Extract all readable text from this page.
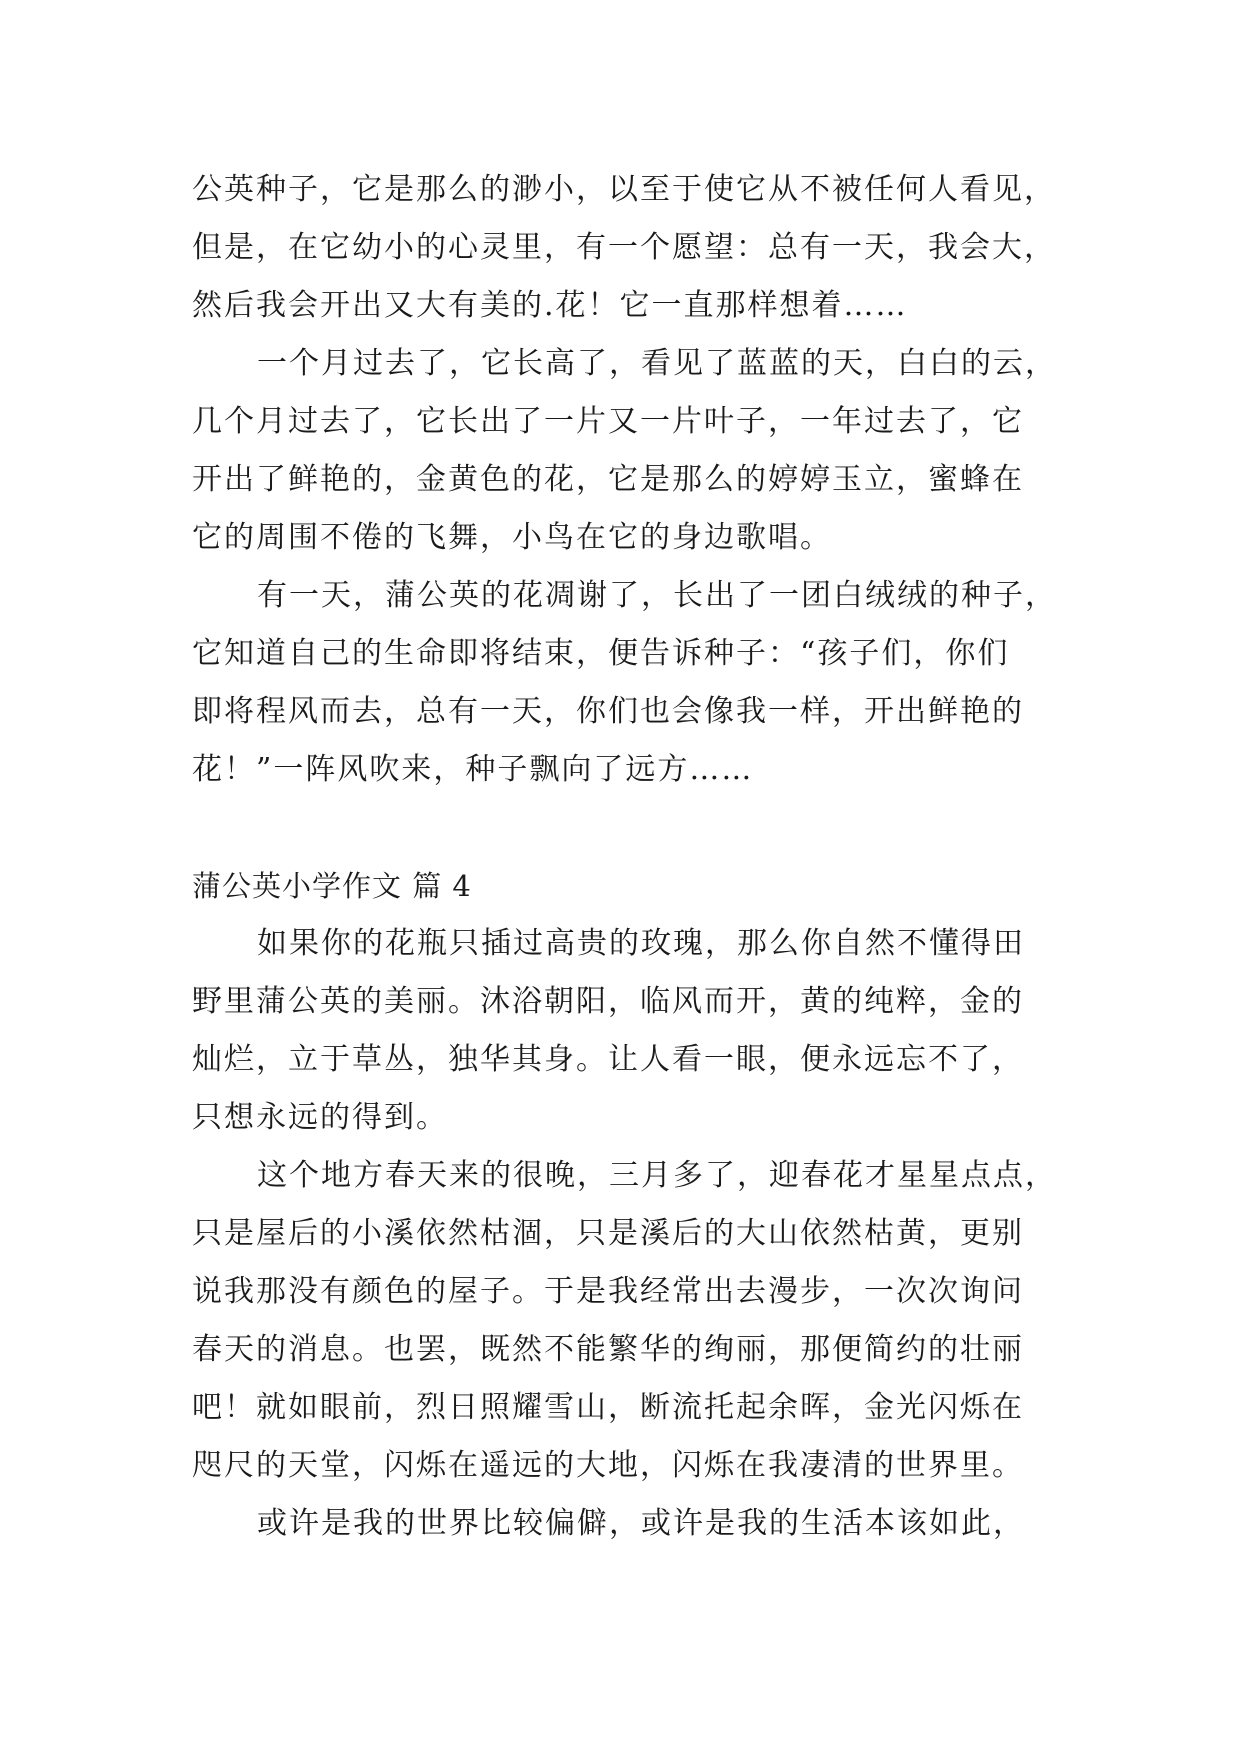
公英种子，它是那么的渺小，以至于使它从不被任何人看见，
但是，在它幼小的心灵里，有一个愿望：总有一天，我会大，
然后我会开出又大有美的.花！它一直那样想着……
一个月过去了，它长高了，看见了蓝蓝的天，白白的云，
几个月过去了，它长出了一片又一片叶子，一年过去了，它
开出了鲜艳的，金黄色的花，它是那么的婷婷玉立，蜜蜂在
它的周围不倦的飞舞，小鸟在它的身边歌唱。
有一天，蒲公英的花凋谢了，长出了一团白绒绒的种子，
它知道自己的生命即将结束，便告诉种子：“孩子们，你们
即将程风而去，总有一天，你们也会像我一样，开出鲜艳的
花！”一阵风吹来，种子飘向了远方……
蒲公英小学作文 篇 4
如果你的花瓶只插过高贵的玫瑰，那么你自然不懂得田
野里蒲公英的美丽。沐浴朝阳，临风而开，黄的纯粹，金的
灿烂，立于草丛，独华其身。让人看一眼，便永远忘不了，
只想永远的得到。
这个地方春天来的很晚，三月多了，迎春花才星星点点，
只是屋后的小溪依然枯涸，只是溪后的大山依然枯黄，更别
说我那没有颜色的屋子。于是我经常出去漫步，一次次询问
春天的消息。也罢，既然不能繁华的绚丽，那便简约的壮丽
吧！就如眼前，烈日照耀雪山，断流托起余晖，金光闪烁在
咫尺的天堂，闪烁在遥远的大地，闪烁在我凄清的世界里。
或许是我的世界比较偏僻，或许是我的生活本该如此，
